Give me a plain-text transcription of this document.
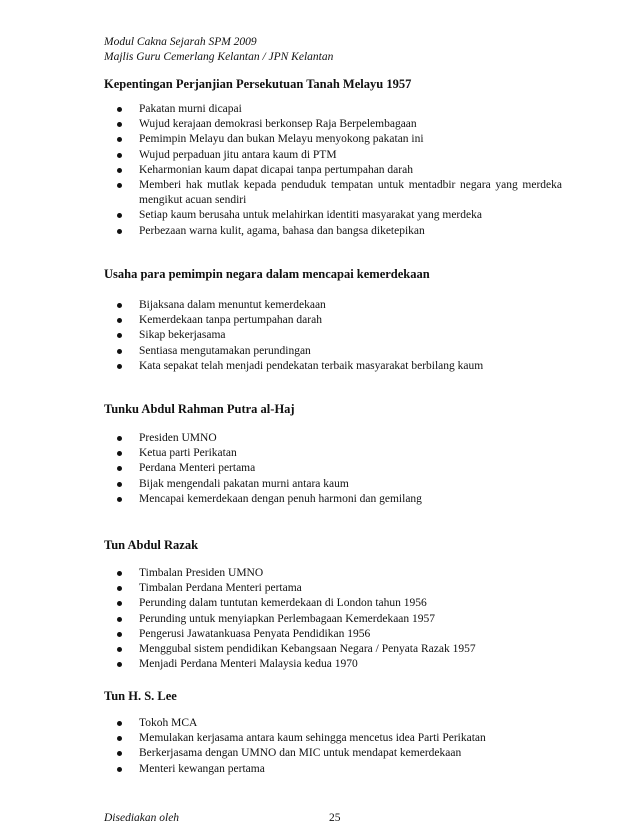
Modul Cakna Sejarah SPM 2009
Majlis Guru Cemerlang Kelantan / JPN Kelantan
Kepentingan Perjanjian Persekutuan Tanah Melayu 1957
Pakatan murni dicapai
Wujud kerajaan demokrasi berkonsep Raja Berpelembagaan
Pemimpin Melayu dan bukan Melayu menyokong pakatan ini
Wujud perpaduan jitu antara kaum di PTM
Keharmonian kaum dapat dicapai tanpa pertumpahan darah
Memberi hak mutlak kepada penduduk tempatan untuk mentadbir negara yang merdeka mengikut acuan sendiri
Setiap kaum berusaha untuk melahirkan identiti masyarakat yang merdeka
Perbezaan warna kulit, agama, bahasa dan bangsa diketepikan
Usaha para pemimpin negara dalam mencapai kemerdekaan
Bijaksana dalam menuntut kemerdekaan
Kemerdekaan tanpa pertumpahan darah
Sikap bekerjasama
Sentiasa mengutamakan perundingan
Kata sepakat telah menjadi pendekatan terbaik masyarakat berbilang kaum
Tunku Abdul Rahman Putra al-Haj
Presiden UMNO
Ketua parti Perikatan
Perdana Menteri pertama
Bijak mengendali pakatan murni antara kaum
Mencapai kemerdekaan dengan penuh harmoni dan gemilang
Tun Abdul Razak
Timbalan Presiden UMNO
Timbalan Perdana Menteri pertama
Perunding dalam tuntutan kemerdekaan di London tahun 1956
Perunding untuk menyiapkan Perlembagaan Kemerdekaan 1957
Pengerusi Jawatankuasa Penyata Pendidikan 1956
Menggubal sistem pendidikan Kebangsaan Negara / Penyata Razak 1957
Menjadi Perdana Menteri Malaysia kedua 1970
Tun H. S. Lee
Tokoh MCA
Memulakan kerjasama antara kaum sehingga mencetus idea Parti Perikatan
Berkerjasama dengan UMNO dan MIC untuk mendapat kemerdekaan
Menteri kewangan pertama
Disediakan oleh	25
